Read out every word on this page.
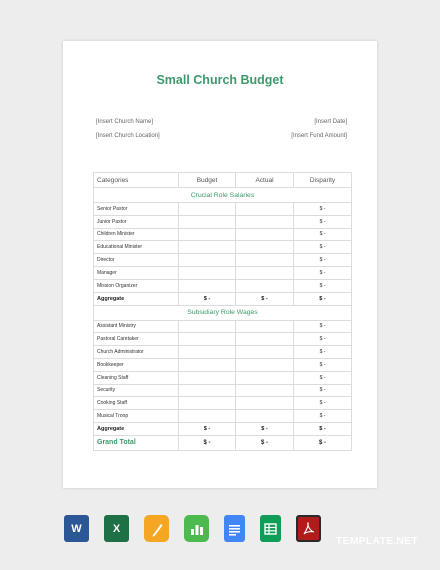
Small Church Budget
[Insert Church Name]
[Insert Church Location]
[Insert Date]
[Insert Fund Amount]
Categories	Budget	Actual	Disparity
Crucial Role Salaries			
Senior Pastor			$ -
Junior Pastor			$ -
Children Minister			$ -
Educational Minister			$ -
Director			$ -
Manager			$ -
Mission Organizer			$ -
Aggregate	$ -	$ -	$ -
Subsidiary Role Wages			
Assistant Ministry			$ -
Pastoral Caretaker			$ -
Church Administrator			$ -
Bookkeeper			$ -
Cleaning Staff			$ -
Security			$ -
Cooking Staff			$ -
Musical Troop			$ -
Aggregate	$ -	$ -	$ -
Grand Total	$ -	$ -	$ -
W	X
TEMPLATE.NET
